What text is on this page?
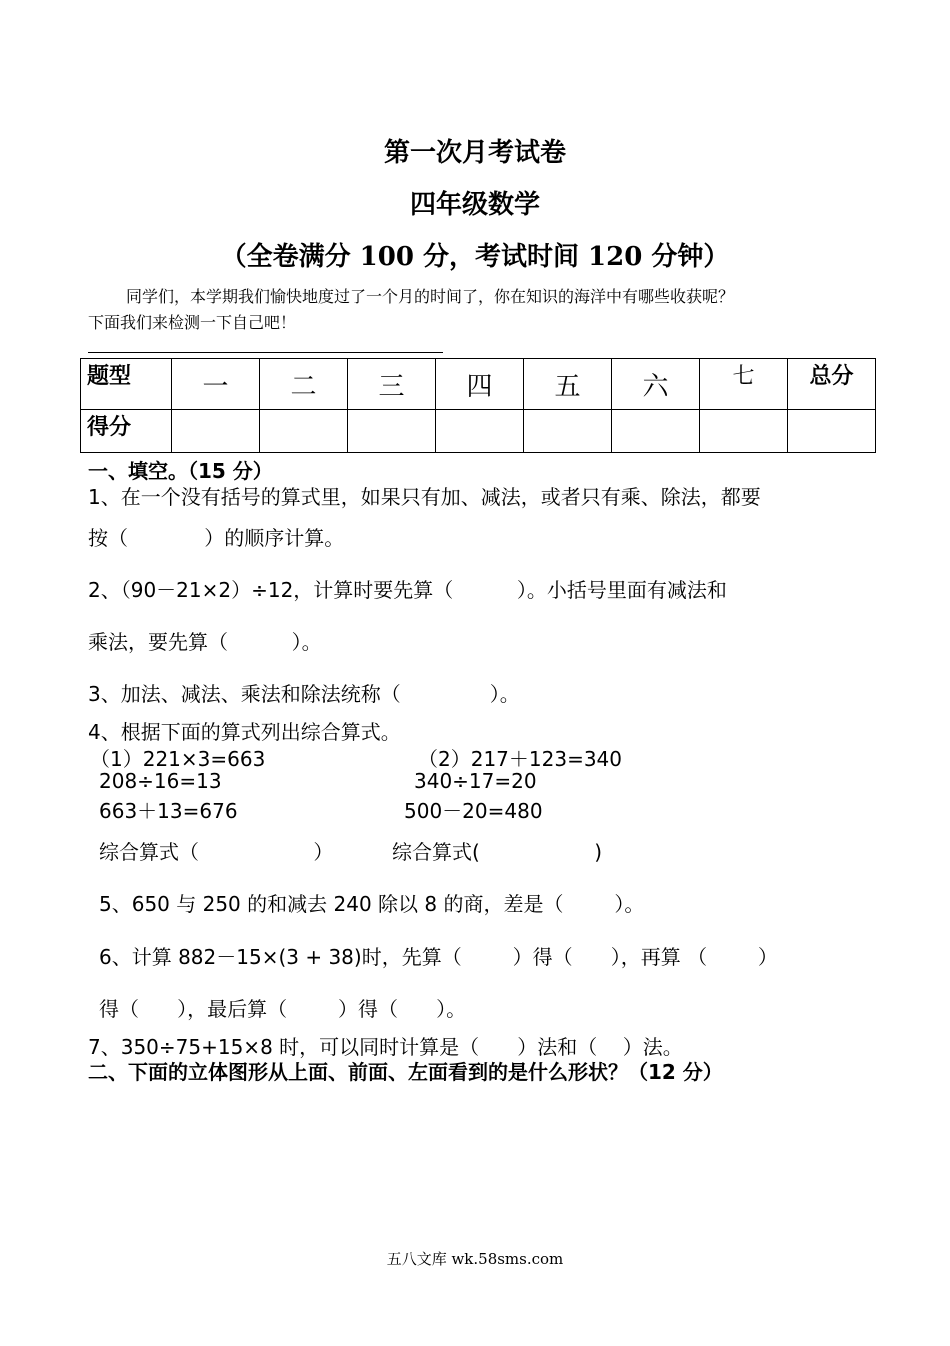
第一次月考试卷
四年级数学
（全卷满分 100 分，考试时间 120 分钟）
同学们，本学期我们愉快地度过了一个月的时间了，你在知识的海洋中有哪些收获呢？
下面我们来检测一下自己吧！
题型	一	二	三	四	五	六	七	总分
得分								
一、填空。（15 分）
1、在一个没有括号的算式里，如果只有加、减法，或者只有乘、除法，都要
按（            ）的顺序计算。
2、（90－21×2）÷12，计算时要先算（          ）。小括号里面有减法和
乘法，要先算（          ）。
3、加法、减法、乘法和除法统称（              ）。
4、根据下面的算式列出综合算式。
（1）221×3=663
208÷16=13
663＋13=676
（2）217＋123=340
340÷17=20
500－20=480
综合算式（                  ）	综合算式(                  )
5、650 与 250 的和减去 240 除以 8 的商，差是（        ）。
6、计算 882－15×(3 + 38)时，先算（        ）得（      ），再算 （        ）
得（      ），最后算（        ）得（      ）。
7、350÷75+15×8 时，可以同时计算是（      ）法和（    ）法。
二、下面的立体图形从上面、前面、左面看到的是什么形状？（12 分）
五八文库 wk.58sms.com
